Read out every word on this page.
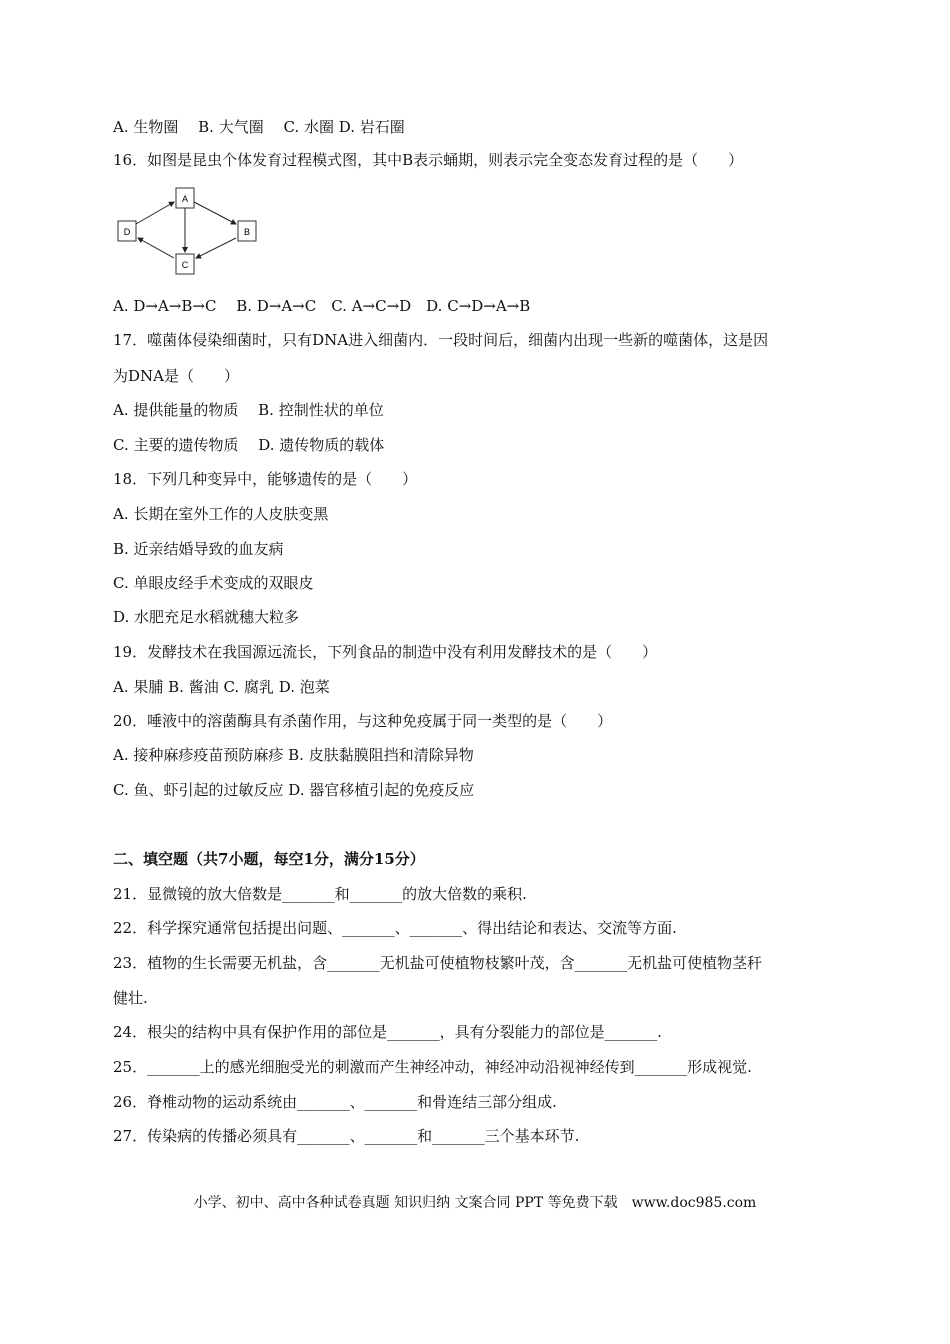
A. 生物圈　 B. 大气圈　 C. 水圈 D. 岩石圈
16．如图是昆虫个体发育过程模式图，其中B表示蛹期，则表示完全变态发育过程的是（　　）
A
B
C
D
A. D→A→B→C　 B. D→A→C　C. A→C→D　D. C→D→A→B
17．噬菌体侵染细菌时，只有DNA进入细菌内．一段时间后，细菌内出现一些新的噬菌体，这是因
为DNA是（　　）
A. 提供能量的物质　 B. 控制性状的单位
C. 主要的遗传物质　 D. 遗传物质的载体
18．下列几种变异中，能够遗传的是（　　）
A. 长期在室外工作的人皮肤变黑
B. 近亲结婚导致的血友病
C. 单眼皮经手术变成的双眼皮
D. 水肥充足水稻就穗大粒多
19．发酵技术在我国源远流长，下列食品的制造中没有利用发酵技术的是（　　）
A. 果脯 B. 酱油 C. 腐乳 D. 泡菜
20．唾液中的溶菌酶具有杀菌作用，与这种免疫属于同一类型的是（　　）
A. 接种麻疹疫苗预防麻疹 B. 皮肤黏膜阻挡和清除异物
C. 鱼、虾引起的过敏反应 D. 器官移植引起的免疫反应
二、填空题（共7小题，每空1分，满分15分）
21．显微镜的放大倍数是_______和_______的放大倍数的乘积.
22．科学探究通常包括提出问题、_______、_______、得出结论和表达、交流等方面.
23．植物的生长需要无机盐，含_______无机盐可使植物枝繁叶茂，含_______无机盐可使植物茎秆
健壮.
24．根尖的结构中具有保护作用的部位是_______，具有分裂能力的部位是_______.
25．_______上的感光细胞受光的刺激而产生神经冲动，神经冲动沿视神经传到_______形成视觉.
26．脊椎动物的运动系统由_______、_______和骨连结三部分组成.
27．传染病的传播必须具有_______、_______和_______三个基本环节.
小学、初中、高中各种试卷真题 知识归纳 文案合同 PPT 等免费下载　www.doc985.com
